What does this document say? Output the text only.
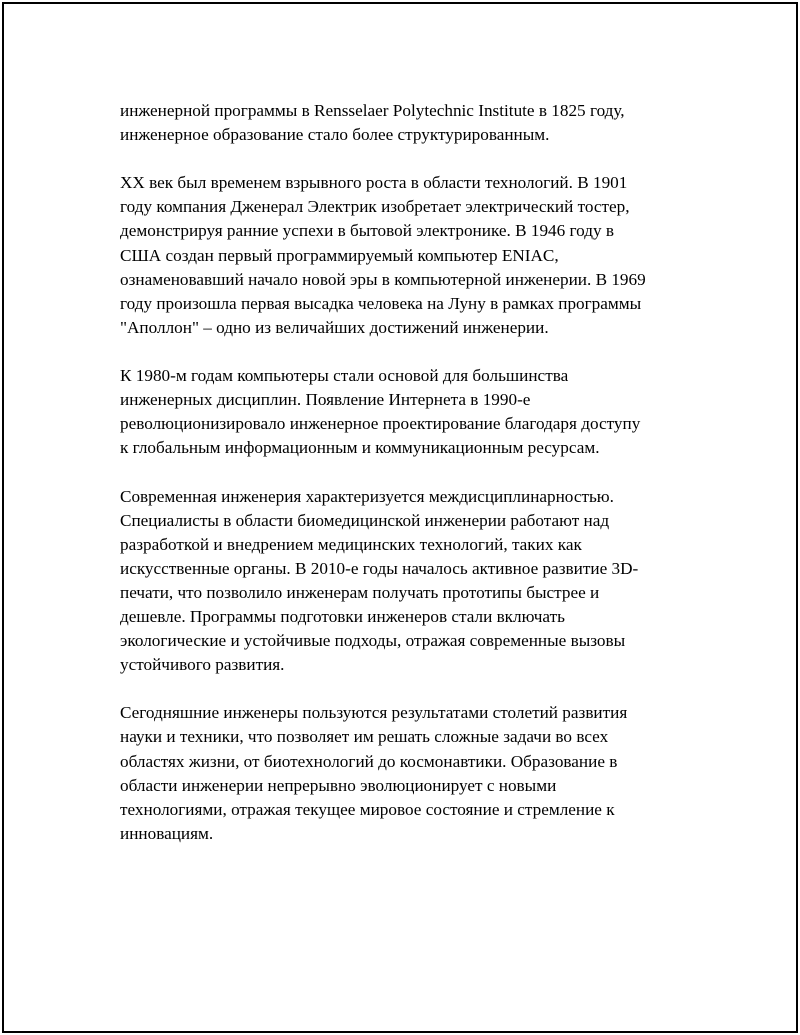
инженерной программы в Rensselaer Polytechnic Institute в 1825 году,
инженерное образование стало более структурированным.

XX век был временем взрывного роста в области технологий. В 1901
году компания Дженерал Электрик изобретает электрический тостер,
демонстрируя ранние успехи в бытовой электронике. В 1946 году в
США создан первый программируемый компьютер ENIAC,
ознаменовавший начало новой эры в компьютерной инженерии. В 1969
году произошла первая высадка человека на Луну в рамках программы
"Аполлон" – одно из величайших достижений инженерии.

К 1980-м годам компьютеры стали основой для большинства
инженерных дисциплин. Появление Интернета в 1990-е
революционизировало инженерное проектирование благодаря доступу
к глобальным информационным и коммуникационным ресурсам.

Современная инженерия характеризуется междисциплинарностью.
Специалисты в области биомедицинской инженерии работают над
разработкой и внедрением медицинских технологий, таких как
искусственные органы. В 2010-е годы началось активное развитие 3D-
печати, что позволило инженерам получать прототипы быстрее и
дешевле. Программы подготовки инженеров стали включать
экологические и устойчивые подходы, отражая современные вызовы
устойчивого развития.

Сегодняшние инженеры пользуются результатами столетий развития
науки и техники, что позволяет им решать сложные задачи во всех
областях жизни, от биотехнологий до космонавтики. Образование в
области инженерии непрерывно эволюционирует с новыми
технологиями, отражая текущее мировое состояние и стремление к
инновациям.
